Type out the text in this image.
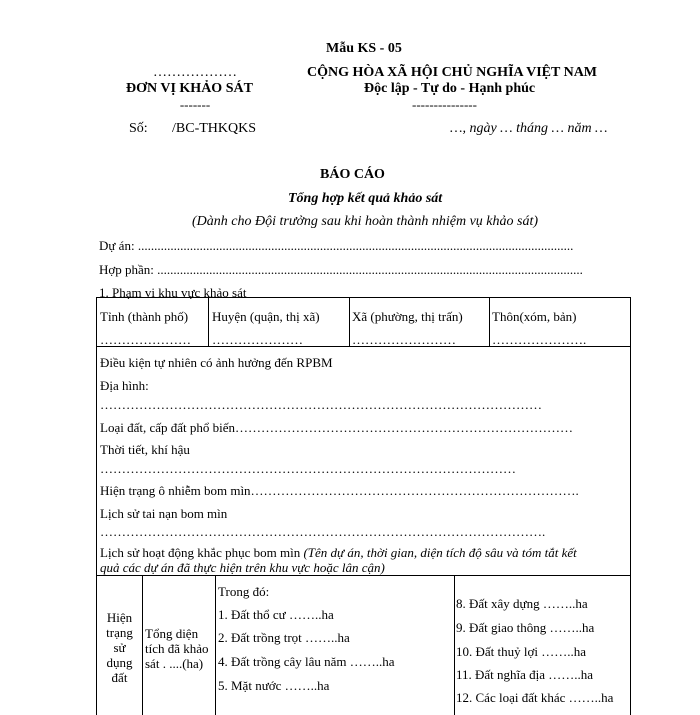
Mẫu KS - 05
………………
ĐƠN VỊ KHẢO SÁT
-------
CỘNG HÒA XÃ HỘI CHỦ NGHĨA VIỆT NAM
Độc lập - Tự do - Hạnh phúc
---------------
Số: /BC-THKQKS	…, ngày … tháng … năm …
BÁO CÁO
Tổng hợp kết quả khảo sát
(Dành cho Đội trưởng sau khi hoàn thành nhiệm vụ khảo sát)
Dự án: ......................................................................................................................................
Hợp phần: ...................................................................................................................................
1. Phạm vi khu vực khảo sát
Tỉnh (thành phố)
…………………
Huyện (quận, thị xã)
…………………
Xã (phường, thị trấn)
……………………
Thôn(xóm, bản)
………………….
Điều kiện tự nhiên có ảnh hưởng đến RPBM
Địa hình:
…………………………………………………………………………………………
Loại đất, cấp đất phổ biến……………………………………………………………………
Thời tiết, khí hậu
……………………………………………………………………………………
Hiện trạng ô nhiễm bom mìn………………………………………………………………….
Lịch sử tai nạn bom mìn
………………………………………………………………………………………….
Lịch sử hoạt động khắc phục bom mìn (Tên dự án, thời gian, diện tích độ sâu và tóm tắt kết
quả các dự án đã thực hiện trên khu vực hoặc lân cận)
Hiện
trạng
sử
dụng
đất
Tổng diện
tích đã khảo
sát . ....(ha)
Trong đó:
1. Đất thổ cư ……..ha
2. Đất trồng trọt ……..ha
4. Đất trồng cây lâu năm ……..ha
5. Mặt nước ……..ha
8. Đất xây dựng ……..ha
9. Đất giao thông ……..ha
10. Đất thuỷ lợi ……..ha
11. Đất nghĩa địa ……..ha
12. Các loại đất khác ……..ha
